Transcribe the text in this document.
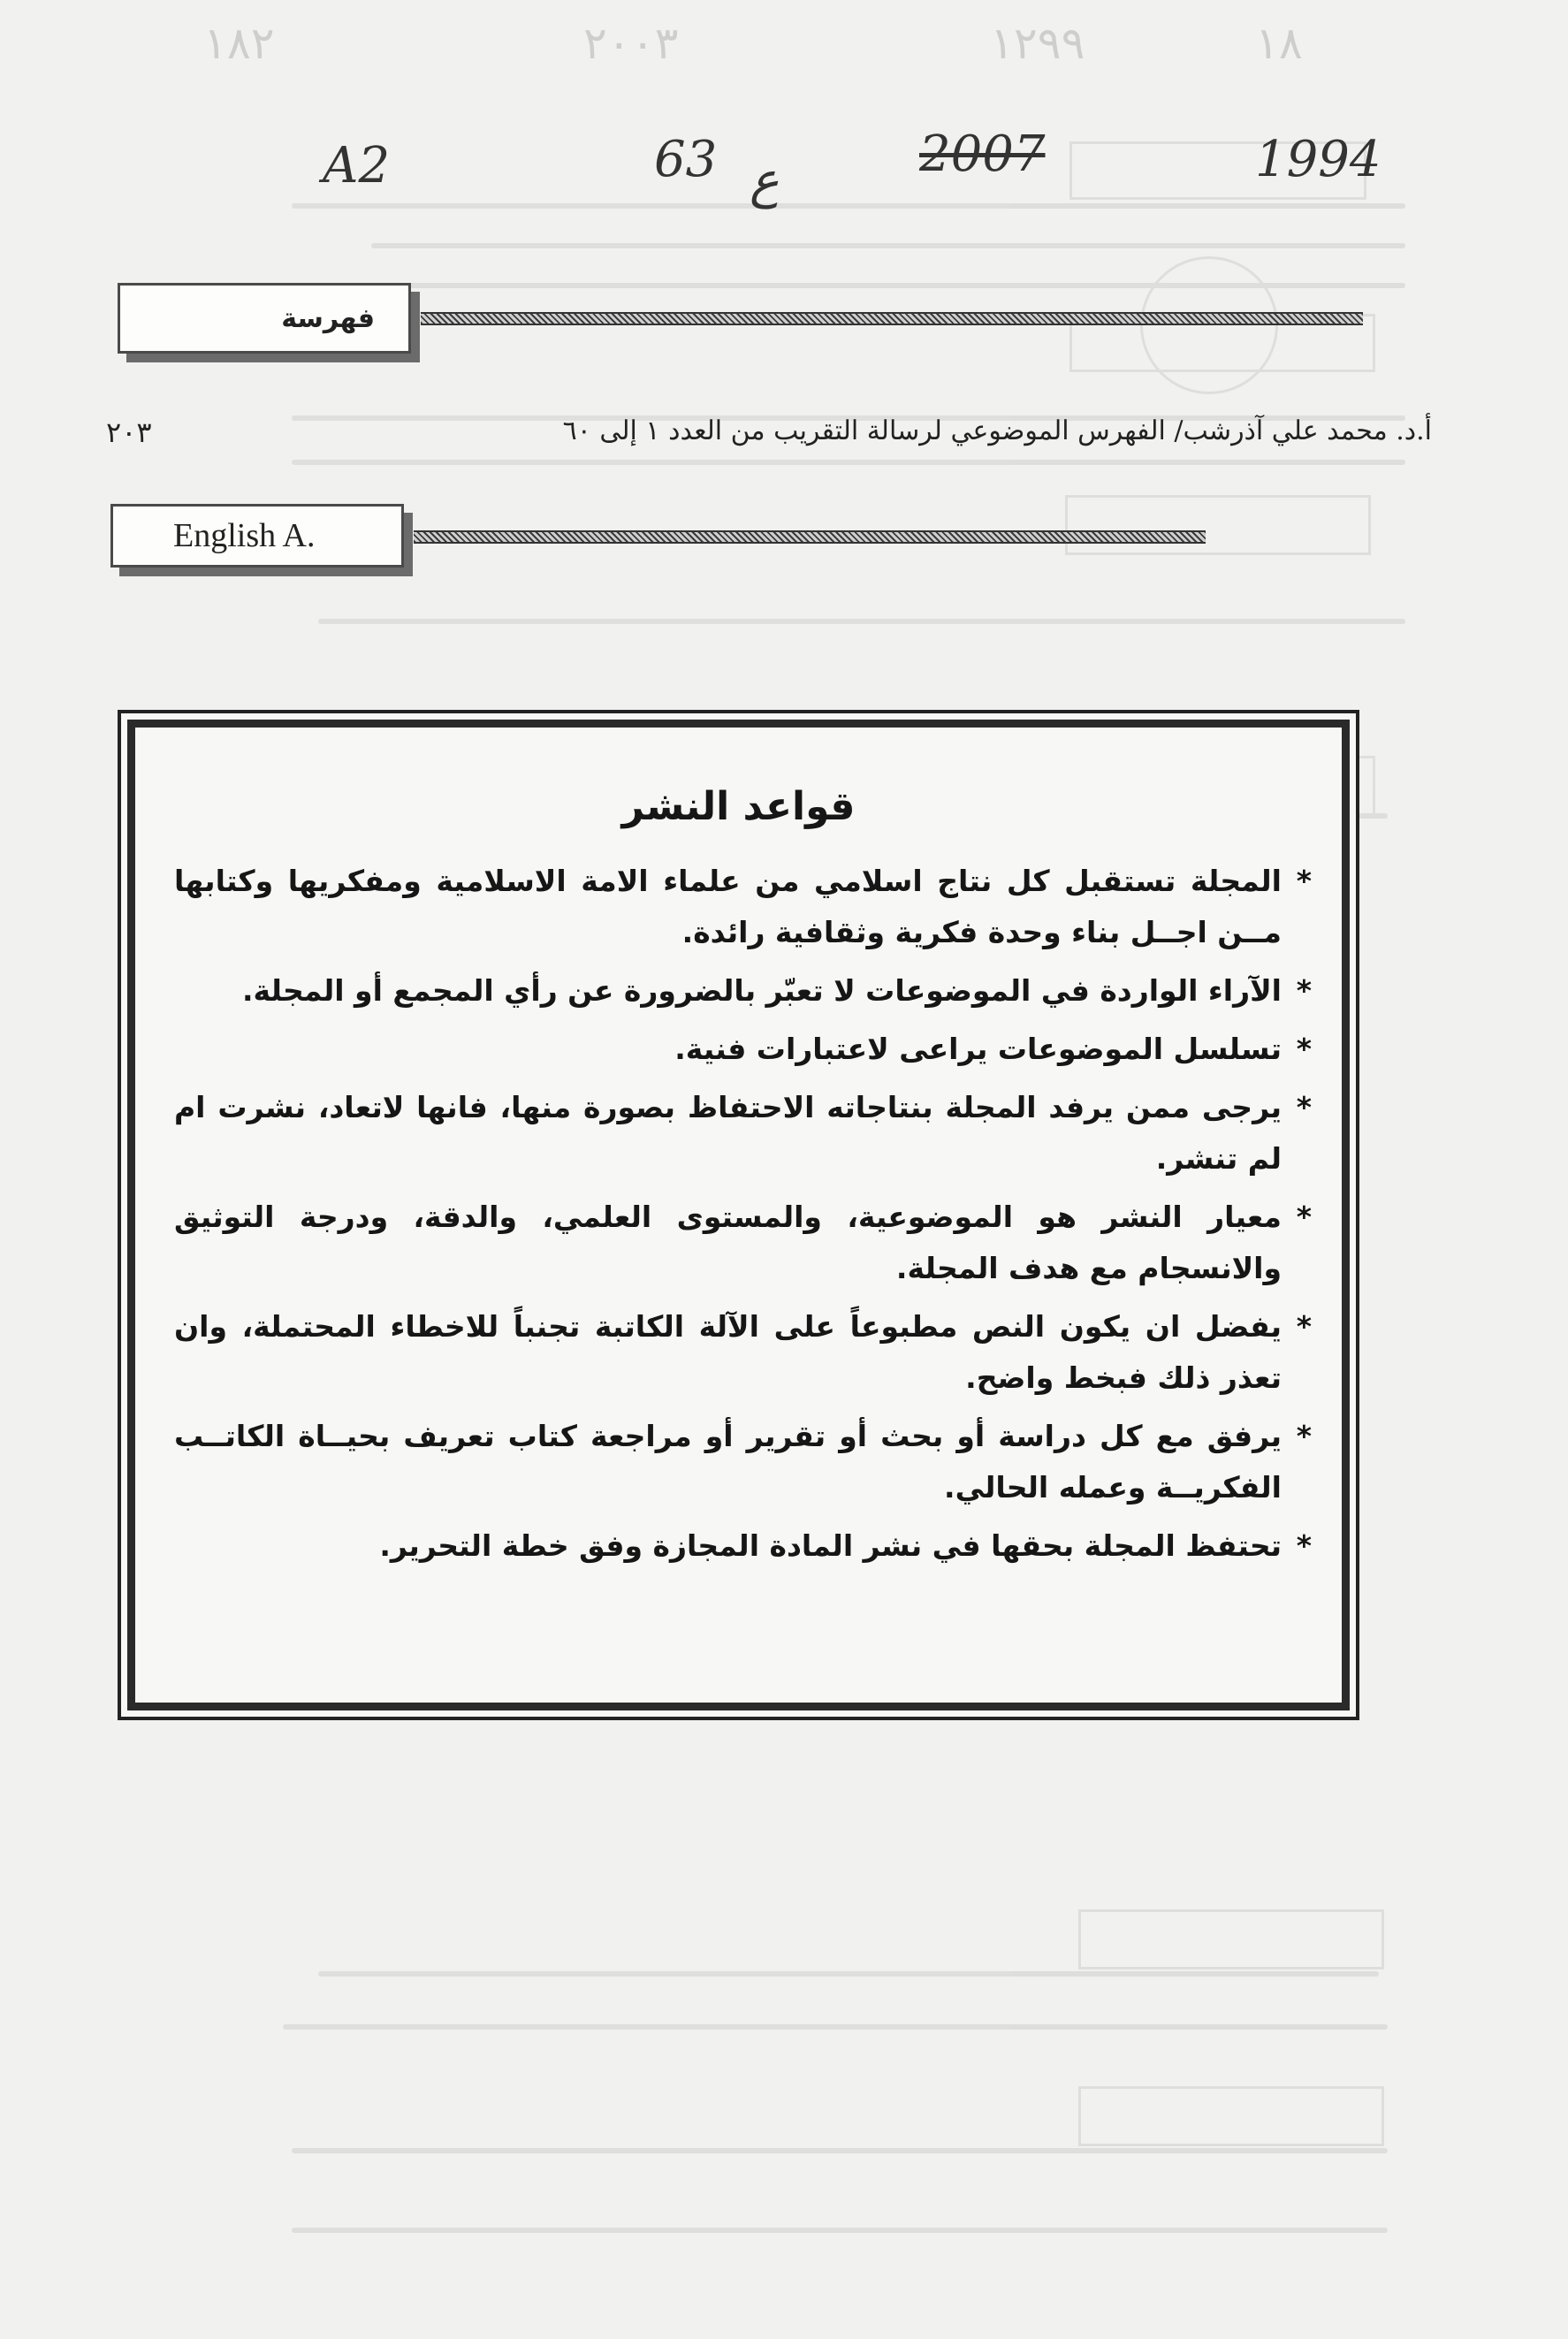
١٨
١٢٩٩
٢٠٠٣
١٨٢
A2	63 ع	2007	1994
فهرسة
أ.د. محمد علي آذرشب/ الفهرس الموضوعي لرسالة التقريب من العدد ١ إلى ٦٠
٢٠٣
English A.
قواعد النشر
* المجلة تستقبل كل نتاج اسلامي من علماء الامة الاسلامية ومفكريها وكتابها مــن اجــل بناء وحدة فكرية وثقافية رائدة.
* الآراء الواردة في الموضوعات لا تعبّر بالضرورة عن رأي المجمع أو المجلة.
* تسلسل الموضوعات يراعى لاعتبارات فنية.
* يرجى ممن يرفد المجلة بنتاجاته الاحتفاظ بصورة منها، فانها لاتعاد، نشرت ام لم تنشر.
* معيار النشر هو الموضوعية، والمستوى العلمي، والدقة، ودرجة التوثيق والانسجام مع هدف المجلة.
* يفضل ان يكون النص مطبوعاً على الآلة الكاتبة تجنباً للاخطاء المحتملة، وان تعذر ذلك فبخط واضح.
* يرفق مع كل دراسة أو بحث أو تقرير أو مراجعة كتاب تعريف بحيــاة الكاتــب الفكريــة وعمله الحالي.
* تحتفظ المجلة بحقها في نشر المادة المجازة وفق خطة التحرير.
